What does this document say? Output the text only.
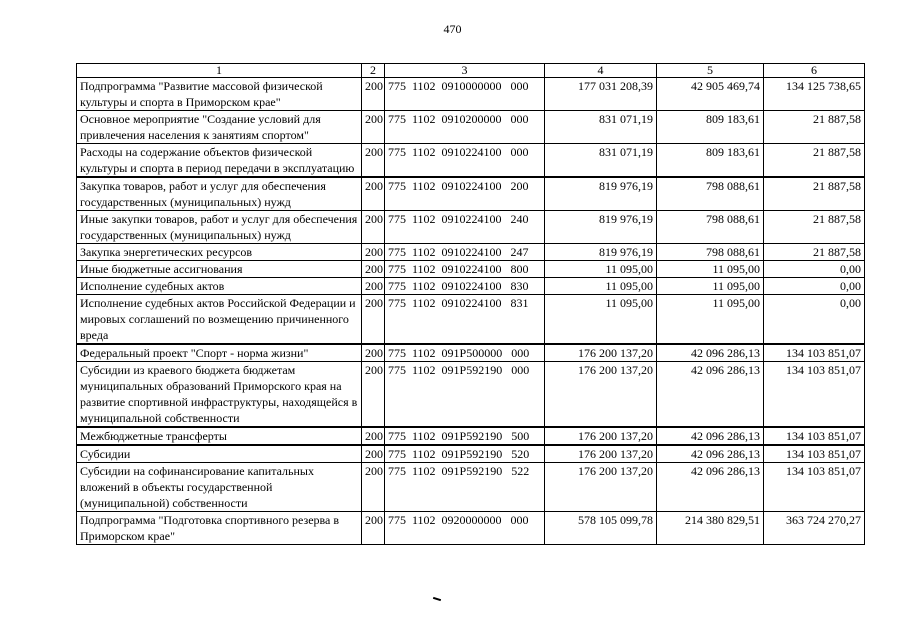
470
1	2	3	4	5	6
Подпрограмма "Развитие массовой физической культуры и спорта в Приморском крае"	200	775  1102  0910000000   000	177 031 208,39	42 905 469,74	134 125 738,65
Основное мероприятие "Создание условий для привлечения населения к занятиям спортом"	200	775  1102  0910200000   000	831 071,19	809 183,61	21 887,58
Расходы на содержание объектов физической культуры и спорта в период передачи в эксплуатацию	200	775  1102  0910224100   000	831 071,19	809 183,61	21 887,58
Закупка товаров, работ и услуг для обеспечения государственных (муниципальных) нужд	200	775  1102  0910224100   200	819 976,19	798 088,61	21 887,58
Иные закупки товаров, работ и услуг для обеспечения государственных (муниципальных) нужд	200	775  1102  0910224100   240	819 976,19	798 088,61	21 887,58
Закупка энергетических ресурсов	200	775  1102  0910224100   247	819 976,19	798 088,61	21 887,58
Иные бюджетные ассигнования	200	775  1102  0910224100   800	11 095,00	11 095,00	0,00
Исполнение судебных актов	200	775  1102  0910224100   830	11 095,00	11 095,00	0,00
Исполнение судебных актов Российской Федерации и мировых соглашений по возмещению причиненного вреда	200	775  1102  0910224100   831	11 095,00	11 095,00	0,00
Федеральный проект "Спорт - норма жизни"	200	775  1102  091P500000   000	176 200 137,20	42 096 286,13	134 103 851,07
Субсидии из краевого бюджета бюджетам муниципальных образований Приморского края на развитие спортивной инфраструктуры, находящейся в муниципальной собственности	200	775  1102  091P592190   000	176 200 137,20	42 096 286,13	134 103 851,07
Межбюджетные трансферты	200	775  1102  091P592190   500	176 200 137,20	42 096 286,13	134 103 851,07
Субсидии	200	775  1102  091P592190   520	176 200 137,20	42 096 286,13	134 103 851,07
Субсидии на софинансирование капитальных вложений в объекты государственной (муниципальной) собственности	200	775  1102  091P592190   522	176 200 137,20	42 096 286,13	134 103 851,07
Подпрограмма "Подготовка спортивного резерва в Приморском крае"	200	775  1102  0920000000   000	578 105 099,78	214 380 829,51	363 724 270,27
